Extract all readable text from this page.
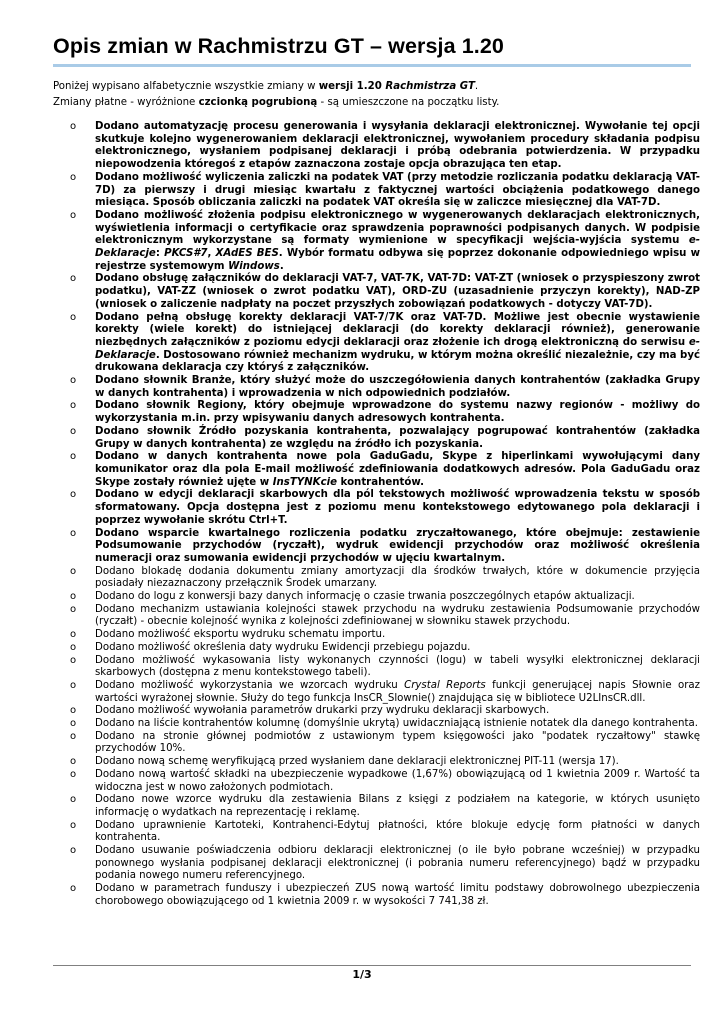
Opis zmian w Rachmistrzu GT – wersja 1.20

Poniżej wypisano alfabetycznie wszystkie zmiany w wersji 1.20 Rachmistrza GT.

Zmiany płatne - wyróżnione czcionką pogrubioną - są umieszczone na początku listy.

o Dodano automatyzację procesu generowania i wysyłania deklaracji elektronicznej. Wywołanie tej opcji skutkuje kolejno wygenerowaniem deklaracji elektronicznej, wywołaniem procedury składania podpisu elektronicznego, wysłaniem podpisanej deklaracji i próbą odebrania potwierdzenia. W przypadku niepowodzenia któregoś z etapów zaznaczona zostaje opcja obrazująca ten etap.
o Dodano możliwość wyliczenia zaliczki na podatek VAT (przy metodzie rozliczania podatku deklaracją VAT-7D) za pierwszy i drugi miesiąc kwartału z faktycznej wartości obciążenia podatkowego danego miesiąca. Sposób obliczania zaliczki na podatek VAT określa się w zaliczce miesięcznej dla VAT-7D.
o Dodano możliwość złożenia podpisu elektronicznego w wygenerowanych deklaracjach elektronicznych, wyświetlenia informacji o certyfikacie oraz sprawdzenia poprawności podpisanych danych. W podpisie elektronicznym wykorzystane są formaty wymienione w specyfikacji wejścia-wyjścia systemu e-Deklaracje: PKCS#7, XAdES BES. Wybór formatu odbywa się poprzez dokonanie odpowiedniego wpisu w rejestrze systemowym Windows.
o Dodano obsługę załączników do deklaracji VAT-7, VAT-7K, VAT-7D: VAT-ZT (wniosek o przyspieszony zwrot podatku), VAT-ZZ (wniosek o zwrot podatku VAT), ORD-ZU (uzasadnienie przyczyn korekty), NAD-ZP (wniosek o zaliczenie nadpłaty na poczet przyszłych zobowiązań podatkowych - dotyczy VAT-7D).
o Dodano pełną obsługę korekty deklaracji VAT-7/7K oraz VAT-7D. Możliwe jest obecnie wystawienie korekty (wiele korekt) do istniejącej deklaracji (do korekty deklaracji również), generowanie niezbędnych załączników z poziomu edycji deklaracji oraz złożenie ich drogą elektroniczną do serwisu e-Deklaracje. Dostosowano również mechanizm wydruku, w którym można określić niezależnie, czy ma być drukowana deklaracja czy któryś z załączników.
o Dodano słownik Branże, który służyć może do uszczegółowienia danych kontrahentów (zakładka Grupy w danych kontrahenta) i wprowadzenia w nich odpowiednich podziałów.
o Dodano słownik Regiony, który obejmuje wprowadzone do systemu nazwy regionów - możliwy do wykorzystania m.in. przy wpisywaniu danych adresowych kontrahenta.
o Dodano słownik Źródło pozyskania kontrahenta, pozwalający pogrupować kontrahentów (zakładka Grupy w danych kontrahenta) ze względu na źródło ich pozyskania.
o Dodano w danych kontrahenta nowe pola GaduGadu, Skype z hiperlinkami wywołującymi dany komunikator oraz dla pola E-mail możliwość zdefiniowania dodatkowych adresów. Pola GaduGadu oraz Skype zostały również ujęte w InsTYNKcie kontrahentów.
o Dodano w edycji deklaracji skarbowych dla pól tekstowych możliwość wprowadzenia tekstu w sposób sformatowany. Opcja dostępna jest z poziomu menu kontekstowego edytowanego pola deklaracji i poprzez wywołanie skrótu Ctrl+T.
o Dodano wsparcie kwartalnego rozliczenia podatku zryczałtowanego, które obejmuje: zestawienie Podsumowanie przychodów (ryczałt), wydruk ewidencji przychodów oraz możliwość określenia numeracji oraz sumowania ewidencji przychodów w ujęciu kwartalnym.
o Dodano blokadę dodania dokumentu zmiany amortyzacji dla środków trwałych, które w dokumencie przyjęcia posiadały niezaznaczony przełącznik Środek umarzany.
o Dodano do logu z konwersji bazy danych informację o czasie trwania poszczególnych etapów aktualizacji.
o Dodano mechanizm ustawiania kolejności stawek przychodu na wydruku zestawienia Podsumowanie przychodów (ryczałt) - obecnie kolejność wynika z kolejności zdefiniowanej w słowniku stawek przychodu.
o Dodano możliwość eksportu wydruku schematu importu.
o Dodano możliwość określenia daty wydruku Ewidencji przebiegu pojazdu.
o Dodano możliwość wykasowania listy wykonanych czynności (logu) w tabeli wysyłki elektronicznej deklaracji skarbowych (dostępna z menu kontekstowego tabeli).
o Dodano możliwość wykorzystania we wzorcach wydruku Crystal Reports funkcji generującej napis Słownie oraz wartości wyrażonej słownie. Służy do tego funkcja InsCR_Slownie() znajdująca się w bibliotece U2LInsCR.dll.
o Dodano możliwość wywołania parametrów drukarki przy wydruku deklaracji skarbowych.
o Dodano na liście kontrahentów kolumnę (domyślnie ukrytą) uwidaczniającą istnienie notatek dla danego kontrahenta.
o Dodano na stronie głównej podmiotów z ustawionym typem księgowości jako "podatek ryczałtowy" stawkę przychodów 10%.
o Dodano nową schemę weryfikującą przed wysłaniem dane deklaracji elektronicznej PIT-11 (wersja 17).
o Dodano nową wartość składki na ubezpieczenie wypadkowe (1,67%) obowiązującą od 1 kwietnia 2009 r. Wartość ta widoczna jest w nowo założonych podmiotach.
o Dodano nowe wzorce wydruku dla zestawienia Bilans z księgi z podziałem na kategorie, w których usunięto informację o wydatkach na reprezentację i reklamę.
o Dodano uprawnienie Kartoteki, Kontrahenci-Edytuj płatności, które blokuje edycję form płatności w danych kontrahenta.
o Dodano usuwanie poświadczenia odbioru deklaracji elektronicznej (o ile było pobrane wcześniej) w przypadku ponownego wysłania podpisanej deklaracji elektronicznej (i pobrania numeru referencyjnego) bądź w przypadku podania nowego numeru referencyjnego.
o Dodano w parametrach funduszy i ubezpieczeń ZUS nową wartość limitu podstawy dobrowolnego ubezpieczenia chorobowego obowiązującego od 1 kwietnia 2009 r. w wysokości 7 741,38 zł.
1/3
